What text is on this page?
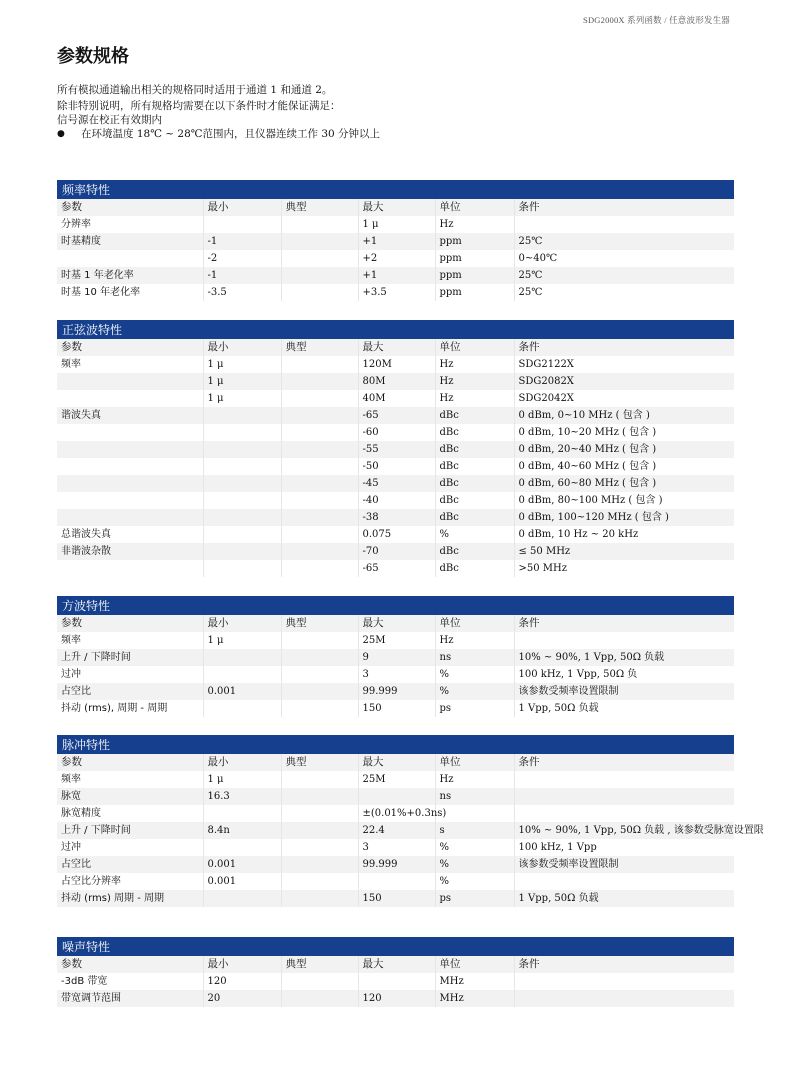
SDG2000X 系列函数 / 任意波形发生器
参数规格

所有模拟通道输出相关的规格同时适用于通道 1 和通道 2。

除非特别说明，所有规格均需要在以下条件时才能保证满足：

信号源在校正有效期内
● 在环境温度 18℃ ~ 28℃范围内，且仪器连续工作 30 分钟以上
频率特性
参数	最小	典型	最大	单位	条件
分辨率			1 μ	Hz	
时基精度	-1		+1	ppm	25℃
	-2		+2	ppm	0~40℃
时基 1 年老化率	-1		+1	ppm	25℃
时基 10 年老化率	-3.5		+3.5	ppm	25℃
正弦波特性
参数	最小	典型	最大	单位	条件
频率	1 μ		120M	Hz	SDG2122X
	1 μ		80M	Hz	SDG2082X
	1 μ		40M	Hz	SDG2042X
谐波失真			-65	dBc	0 dBm, 0~10 MHz ( 包含 )
			-60	dBc	0 dBm, 10~20 MHz ( 包含 )
			-55	dBc	0 dBm, 20~40 MHz ( 包含 )
			-50	dBc	0 dBm, 40~60 MHz ( 包含 )
			-45	dBc	0 dBm, 60~80 MHz ( 包含 )
			-40	dBc	0 dBm, 80~100 MHz ( 包含 )
			-38	dBc	0 dBm, 100~120 MHz ( 包含 )
总谐波失真			0.075	%	0 dBm, 10 Hz ~ 20 kHz
非谐波杂散			-70	dBc	≤ 50 MHz
			-65	dBc	>50 MHz
方波特性
参数	最小	典型	最大	单位	条件
频率	1 μ		25M	Hz	
上升 / 下降时间			9	ns	10% ~ 90%, 1 Vpp, 50Ω 负载
过冲			3	%	100 kHz, 1 Vpp, 50Ω 负
占空比	0.001		99.999	%	该参数受频率设置限制
抖动 (rms), 周期 - 周期			150	ps	1 Vpp, 50Ω 负载
脉冲特性
参数	最小	典型	最大	单位	条件
频率	1 μ		25M	Hz	
脉宽	16.3			ns	
脉宽精度			±(0.01%+0.3ns)		
上升 / 下降时间	8.4n		22.4	s	10% ~ 90%, 1 Vpp, 50Ω 负载 , 该参数受脉宽设置限
过冲			3	%	100 kHz, 1 Vpp
占空比	0.001		99.999	%	该参数受频率设置限制
占空比分辨率	0.001			%	
抖动 (rms) 周期 - 周期			150	ps	1 Vpp, 50Ω 负载
噪声特性
参数	最小	典型	最大	单位	条件
-3dB 带宽	120			MHz	
带宽调节范围	20		120	MHz	
